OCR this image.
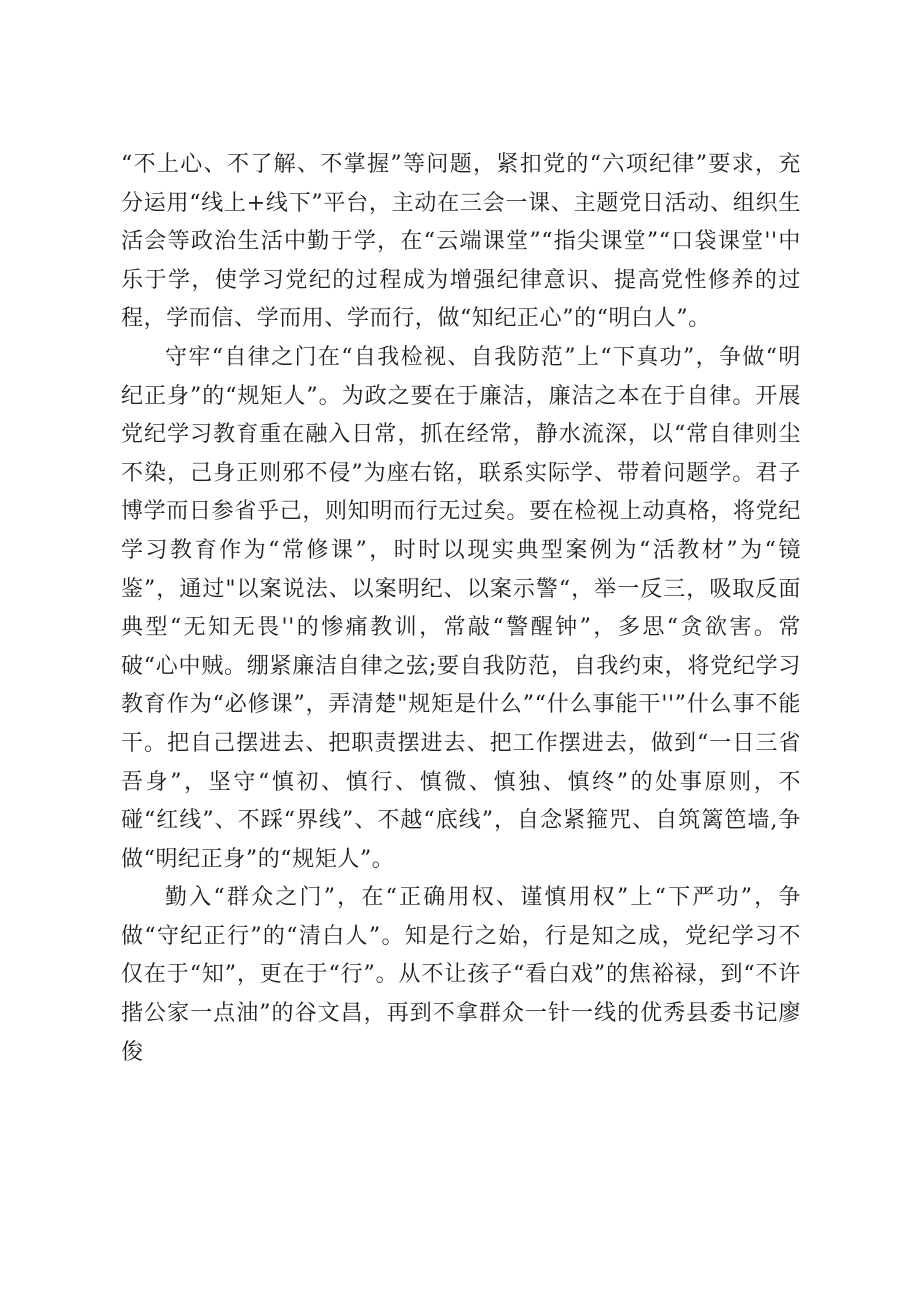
“不上心、不了解、不掌握”等问题，紧扣党的“六项纪律”要求，充分运用“线上+线下”平台，主动在三会一课、主题党日活动、组织生活会等政治生活中勤于学，在“云端课堂”“指尖课堂”“口袋课堂''中乐于学，使学习党纪的过程成为增强纪律意识、提高党性修养的过程，学而信、学而用、学而行，做“知纪正心”的“明白人”。

守牢“自律之门在“自我检视、自我防范”上“下真功”，争做“明纪正身”的“规矩人”。为政之要在于廉洁，廉洁之本在于自律。开展党纪学习教育重在融入日常，抓在经常，静水流深，以“常自律则尘不染，己身正则邪不侵”为座右铭，联系实际学、带着问题学。君子博学而日参省乎己，则知明而行无过矣。要在检视上动真格，将党纪学习教育作为“常修课”，时时以现实典型案例为“活教材”为“镜鉴”，通过"以案说法、以案明纪、以案示警“，举一反三，吸取反面典型“无知无畏''的惨痛教训，常敲“警醒钟”，多思“贪欲害。常破“心中贼。绷紧廉洁自律之弦;要自我防范，自我约束，将党纪学习教育作为“必修课”，弄清楚"规矩是什么”“什么事能干''”什么事不能干。把自己摆进去、把职责摆进去、把工作摆进去，做到“一日三省吾身”，坚守“慎初、慎行、慎微、慎独、慎终”的处事原则，不碰“红线”、不踩“界线”、不越“底线”，自念紧箍咒、自筑篱笆墙,争做“明纪正身”的“规矩人”。

勤入“群众之门”，在“正确用权、谨慎用权”上“下严功”，争做“守纪正行”的“清白人”。知是行之始，行是知之成，党纪学习不仅在于“知”，更在于“行”。从不让孩子“看白戏”的焦裕禄，到“不许揩公家一点油”的谷文昌，再到不拿群众一针一线的优秀县委书记廖俊
